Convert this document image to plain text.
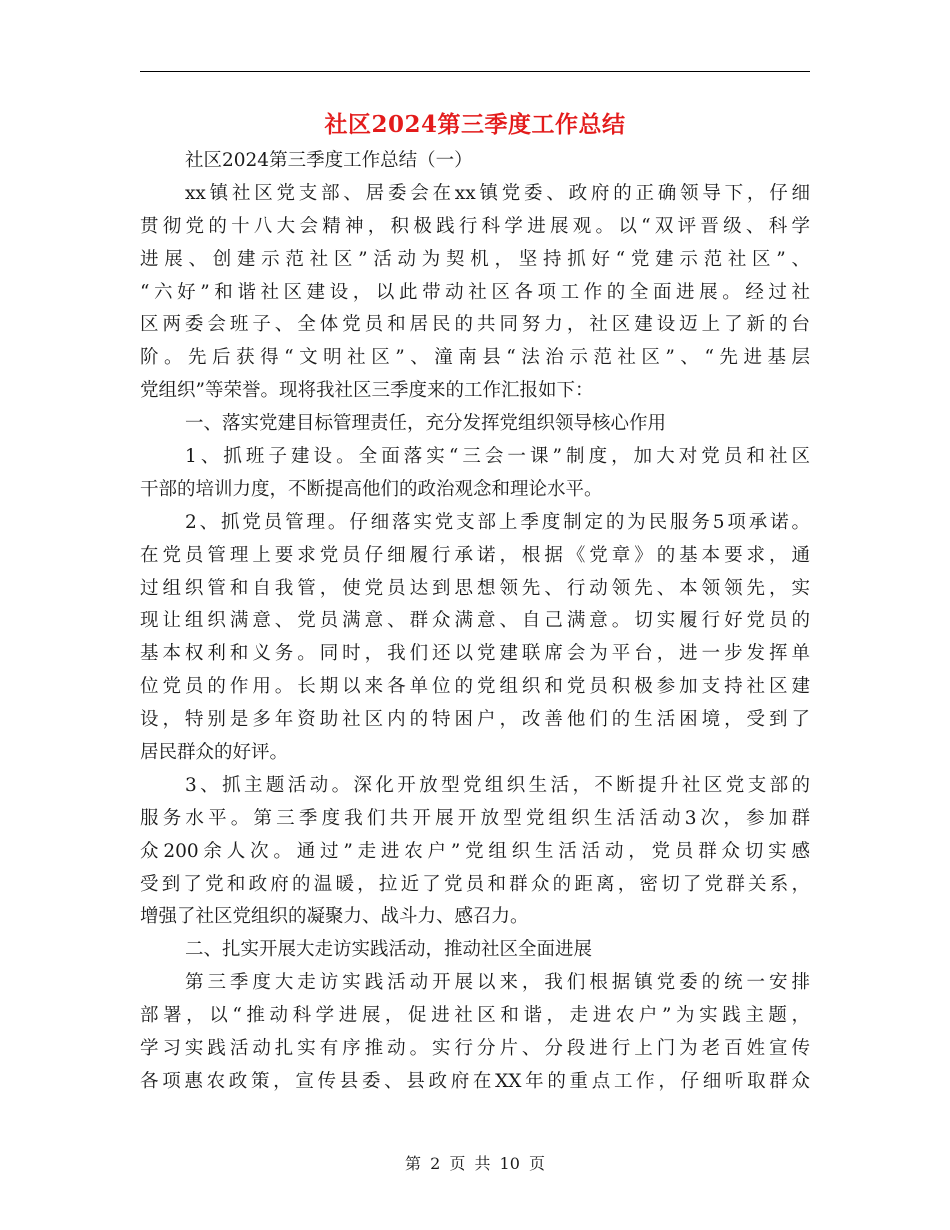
社区2024第三季度工作总结
社区2024第三季度工作总结（一）
xx镇社区党支部、居委会在xx镇党委、政府的正确领导下，仔细
贯彻党的十八大会精神，积极践行科学进展观。以“双评晋级、科学
进展、创建示范社区”活动为契机，坚持抓好“党建示范社区”、
“六好”和谐社区建设，以此带动社区各项工作的全面进展。经过社
区两委会班子、全体党员和居民的共同努力，社区建设迈上了新的台
阶。先后获得“文明社区”、潼南县“法治示范社区”、“先进基层
党组织”等荣誉。现将我社区三季度来的工作汇报如下：
一、落实党建目标管理责任，充分发挥党组织领导核心作用
1、抓班子建设。全面落实“三会一课”制度，加大对党员和社区
干部的培训力度，不断提高他们的政治观念和理论水平。
2、抓党员管理。仔细落实党支部上季度制定的为民服务5项承诺。
在党员管理上要求党员仔细履行承诺，根据《党章》的基本要求，通
过组织管和自我管，使党员达到思想领先、行动领先、本领领先，实
现让组织满意、党员满意、群众满意、自己满意。切实履行好党员的
基本权利和义务。同时，我们还以党建联席会为平台，进一步发挥单
位党员的作用。长期以来各单位的党组织和党员积极参加支持社区建
设，特别是多年资助社区内的特困户，改善他们的生活困境，受到了
居民群众的好评。
3、抓主题活动。深化开放型党组织生活，不断提升社区党支部的
服务水平。第三季度我们共开展开放型党组织生活活动3次，参加群
众200余人次。通过”走进农户”党组织生活活动，党员群众切实感
受到了党和政府的温暖，拉近了党员和群众的距离，密切了党群关系，
增强了社区党组织的凝聚力、战斗力、感召力。
二、扎实开展大走访实践活动，推动社区全面进展
第三季度大走访实践活动开展以来，我们根据镇党委的统一安排
部署，以“推动科学进展，促进社区和谐，走进农户”为实践主题，
学习实践活动扎实有序推动。实行分片、分段进行上门为老百姓宣传
各项惠农政策，宣传县委、县政府在XX年的重点工作，仔细听取群众
第 2 页 共 10 页
